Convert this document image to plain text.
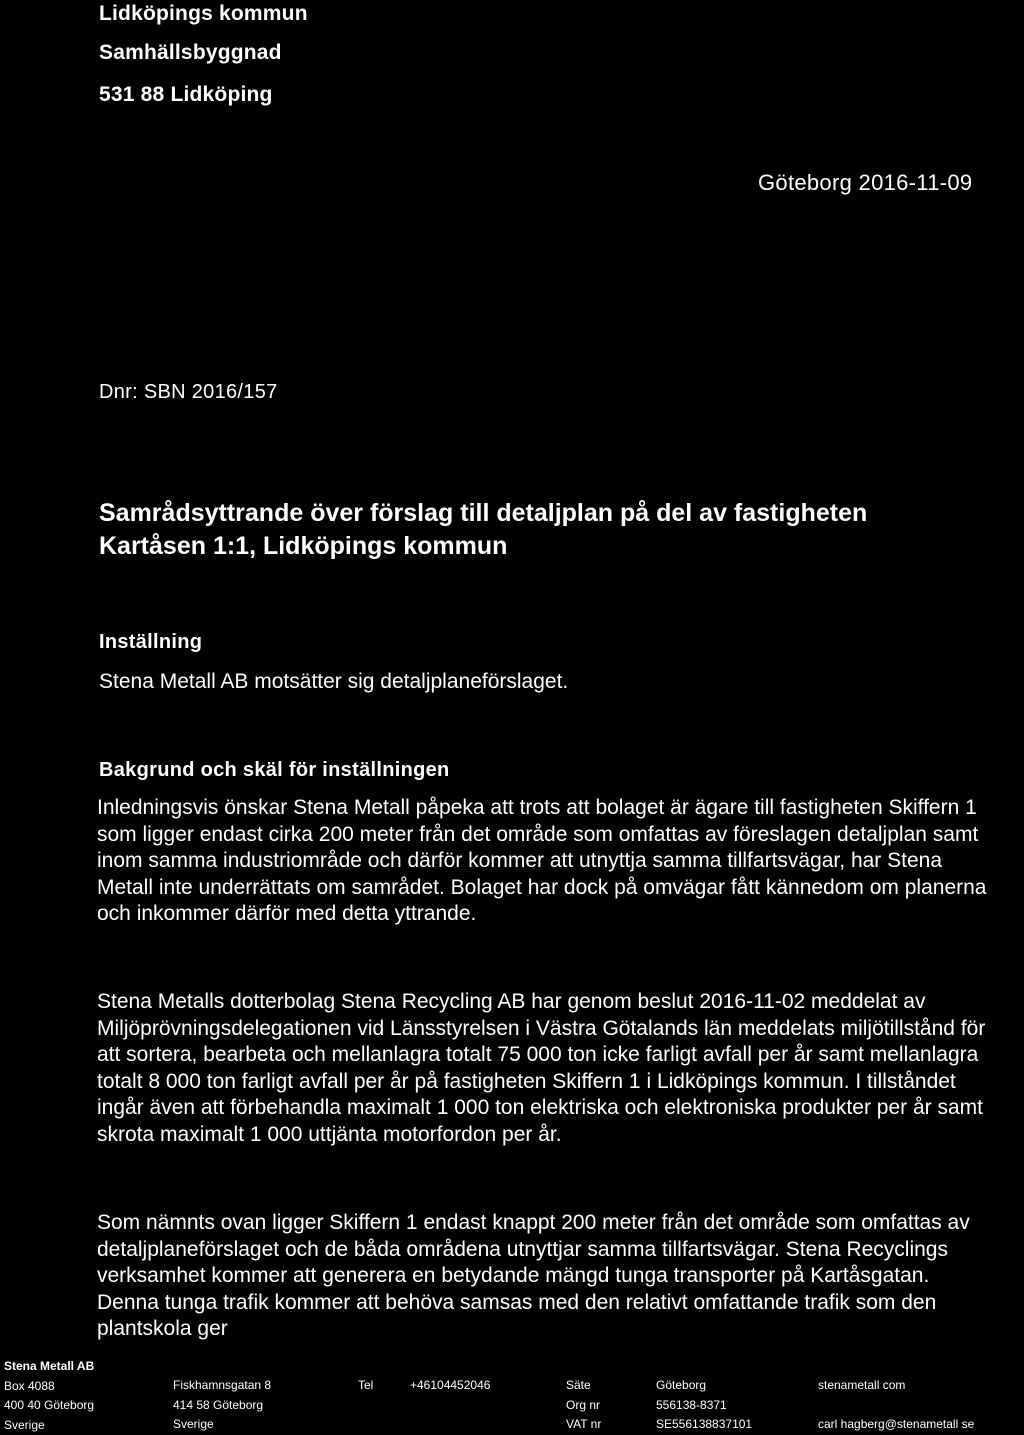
Lidköpings kommun
Samhällsbyggnad
531 88 Lidköping
Göteborg 2016-11-09
Dnr: SBN 2016/157
Samrådsyttrande över förslag till detaljplan på del av fastigheten Kartåsen 1:1, Lidköpings kommun
Inställning
Stena Metall AB motsätter sig detaljplaneförslaget.
Bakgrund och skäl för inställningen

Inledningsvis önskar Stena Metall påpeka att trots att bolaget är ägare till fastigheten Skiffern 1 som ligger endast cirka 200 meter från det område som omfattas av föreslagen detaljplan samt inom samma industriområde och därför kommer att utnyttja samma tillfartsvägar, har Stena Metall inte underrättats om samrådet. Bolaget har dock på omvägar fått kännedom om planerna och inkommer därför med detta yttrande.

Stena Metalls dotterbolag Stena Recycling AB har genom beslut 2016-11-02 meddelat av Miljöprövningsdelegationen vid Länsstyrelsen i Västra Götalands län meddelats miljötillstånd för att sortera, bearbeta och mellanlagra totalt 75 000 ton icke farligt avfall per år samt mellanlagra totalt 8 000 ton farligt avfall per år på fastigheten Skiffern 1 i Lidköpings kommun. I tillståndet ingår även att förbehandla maximalt 1 000 ton elektriska och elektroniska produkter per år samt skrota maximalt 1 000 uttjänta motorfordon per år.

Som nämnts ovan ligger Skiffern 1 endast knappt 200 meter från det område som omfattas av detaljplaneförslaget och de båda områdena utnyttjar samma tillfartsvägar. Stena Recyclings verksamhet kommer att generera en betydande mängd tunga transporter på Kartåsgatan. Denna tunga trafik kommer att behöva samsas med den relativt omfattande trafik som den plantskola ger

Stena Metall AB
Box 4088
400 40 Göteborg
Sverige
Fiskhamnsgatan 8
414 58 Göteborg
Sverige
Tel	+46104452046	Säte
Org nr
VAT nr
Göteborg
556138-8371
SE556138837101
stenametall com

carl hagberg@stenametall se
